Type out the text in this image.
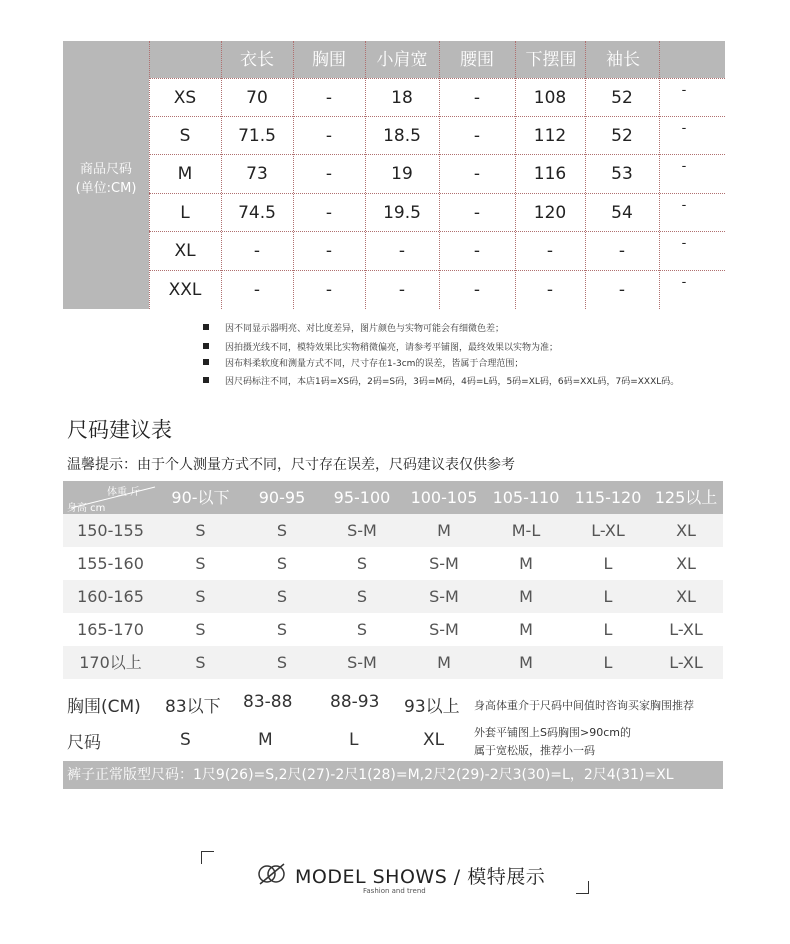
商品尺码
(单位:CM)
衣长	胸围	小肩宽	腰围	下摆围	袖长
XS	70	-	18	-	108	52	-
S	71.5	-	18.5	-	112	52	-
M	73	-	19	-	116	53	-
L	74.5	-	19.5	-	120	54	-
XL	-	-	-	-	-	-	-
XXL	-	-	-	-	-	-	-
因不同显示器明亮、对比度差异，图片颜色与实物可能会有细微色差；
因拍摄光线不同，模特效果比实物稍微偏亮，请参考平铺图，最终效果以实物为准；
因布料柔软度和测量方式不同，尺寸存在1-3cm的误差，皆属于合理范围；
因尺码标注不同，本店1码=XS码，2码=S码，3码=M码，4码=L码，5码=XL码，6码=XXL码，7码=XXXL码。
尺码建议表
温馨提示：由于个人测量方式不同，尺寸存在误差，尺码建议表仅供参考
体重 斤
身高 cm
90-以下	90-95	95-100	100-105 105-110 115-120 125以上
150-155	S	S	S-M	M	M-L	L-XL	XL
155-160	S	S	S	S-M	M	L	XL
160-165	S	S	S	S-M	M	L	XL
165-170	S	S	S	S-M	M	L	L-XL
170以上	S	S	S-M	M	M	L	L-XL
胸围(CM) 83以下 83-88 88-93 93以上 身高体重介于尺码中间值时咨询买家胸围推荐
尺码	S	M	L	XL	外套平铺图上S码胸围>90cm的
属于宽松版，推荐小一码
裤子正常版型尺码：1尺9(26)=S,2尺(27)-2尺1(28)=M,2尺2(29)-2尺3(30)=L，2尺4(31)=XL
MODEL SHOWS / 模特展示
Fashion and trend
